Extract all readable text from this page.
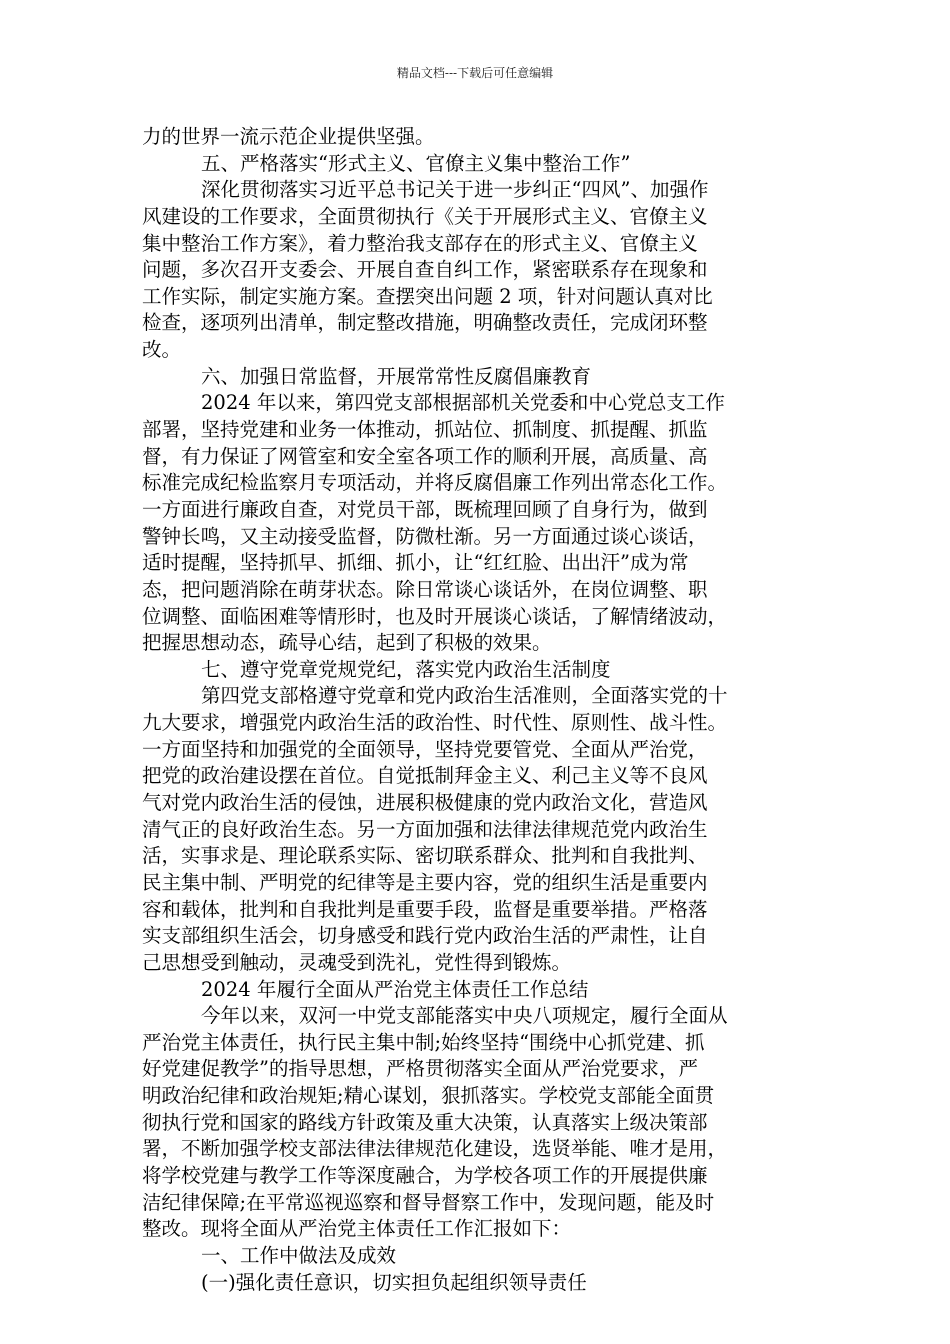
精品文档---下载后可任意编辑
力的世界一流示范企业提供坚强。
五、严格落实“形式主义、官僚主义集中整治工作”
深化贯彻落实习近平总书记关于进一步纠正“四风”、加强作
风建设的工作要求，全面贯彻执行《关于开展形式主义、官僚主义
集中整治工作方案》，着力整治我支部存在的形式主义、官僚主义
问题，多次召开支委会、开展自查自纠工作，紧密联系存在现象和
工作实际，制定实施方案。查摆突出问题 2 项，针对问题认真对比
检查，逐项列出清单，制定整改措施，明确整改责任，完成闭环整
改。
六、加强日常监督，开展常常性反腐倡廉教育
2024 年以来，第四党支部根据部机关党委和中心党总支工作
部署，坚持党建和业务一体推动，抓站位、抓制度、抓提醒、抓监
督，有力保证了网管室和安全室各项工作的顺利开展，高质量、高
标准完成纪检监察月专项活动，并将反腐倡廉工作列出常态化工作。
一方面进行廉政自查，对党员干部，既梳理回顾了自身行为，做到
警钟长鸣，又主动接受监督，防微杜渐。另一方面通过谈心谈话，
适时提醒，坚持抓早、抓细、抓小，让“红红脸、出出汗”成为常
态，把问题消除在萌芽状态。除日常谈心谈话外，在岗位调整、职
位调整、面临困难等情形时，也及时开展谈心谈话，了解情绪波动，
把握思想动态，疏导心结，起到了积极的效果。
七、遵守党章党规党纪，落实党内政治生活制度
第四党支部格遵守党章和党内政治生活准则，全面落实党的十
九大要求，增强党内政治生活的政治性、时代性、原则性、战斗性。
一方面坚持和加强党的全面领导，坚持党要管党、全面从严治党，
把党的政治建设摆在首位。自觉抵制拜金主义、利己主义等不良风
气对党内政治生活的侵蚀，进展积极健康的党内政治文化，营造风
清气正的良好政治生态。另一方面加强和法律法律规范党内政治生
活，实事求是、理论联系实际、密切联系群众、批判和自我批判、
民主集中制、严明党的纪律等是主要内容，党的组织生活是重要内
容和载体，批判和自我批判是重要手段，监督是重要举措。严格落
实支部组织生活会，切身感受和践行党内政治生活的严肃性，让自
己思想受到触动，灵魂受到洗礼，党性得到锻炼。
2024 年履行全面从严治党主体责任工作总结
今年以来，双河一中党支部能落实中央八项规定，履行全面从
严治党主体责任，执行民主集中制;始终坚持“围绕中心抓党建、抓
好党建促教学”的指导思想，严格贯彻落实全面从严治党要求，严
明政治纪律和政治规矩;精心谋划，狠抓落实。学校党支部能全面贯
彻执行党和国家的路线方针政策及重大决策，认真落实上级决策部
署，不断加强学校支部法律法律规范化建设，选贤举能、唯才是用，
将学校党建与教学工作等深度融合，为学校各项工作的开展提供廉
洁纪律保障;在平常巡视巡察和督导督察工作中，发现问题，能及时
整改。现将全面从严治党主体责任工作汇报如下：
一、工作中做法及成效
(一)强化责任意识，切实担负起组织领导责任
